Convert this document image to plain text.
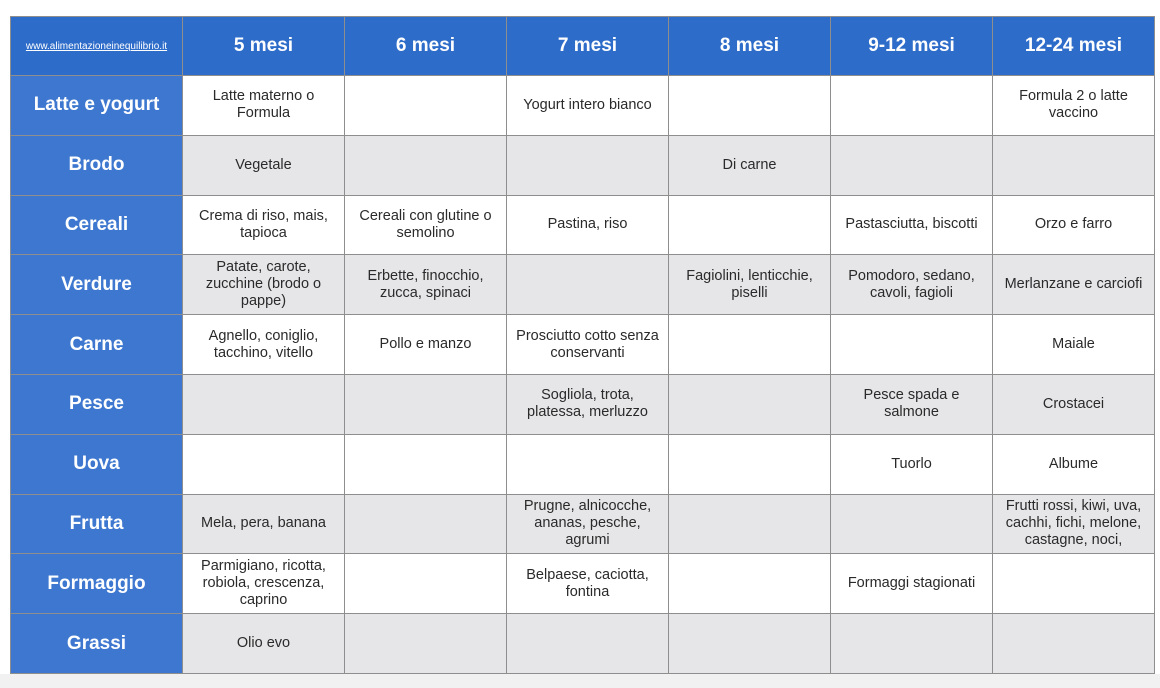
www.alimentazioneinequilibrio.it	5 mesi	6 mesi	7 mesi	8 mesi	9-12 mesi	12-24 mesi
Latte e yogurt	Latte materno o Formula		Yogurt intero bianco			Formula 2 o latte vaccino
Brodo	Vegetale			Di carne		
Cereali	Crema di riso, mais, tapioca	Cereali con glutine o semolino	Pastina, riso		Pastasciutta, biscotti	Orzo e farro
Verdure	Patate, carote, zucchine (brodo o pappe)	Erbette, finocchio, zucca, spinaci		Fagiolini, lenticchie, piselli	Pomodoro, sedano, cavoli, fagioli	Merlanzane e carciofi
Carne	Agnello, coniglio, tacchino, vitello	Pollo e manzo	Prosciutto cotto senza conservanti			Maiale
Pesce			Sogliola, trota, platessa, merluzzo		Pesce spada e salmone	Crostacei
Uova					Tuorlo	Albume
Frutta	Mela, pera, banana		Prugne, alnicocche, ananas, pesche, agrumi			Frutti rossi, kiwi, uva, cachhi, fichi, melone, castagne, noci,
Formaggio	Parmigiano, ricotta, robiola, crescenza, caprino		Belpaese, caciotta, fontina		Formaggi stagionati	
Grassi	Olio evo					
